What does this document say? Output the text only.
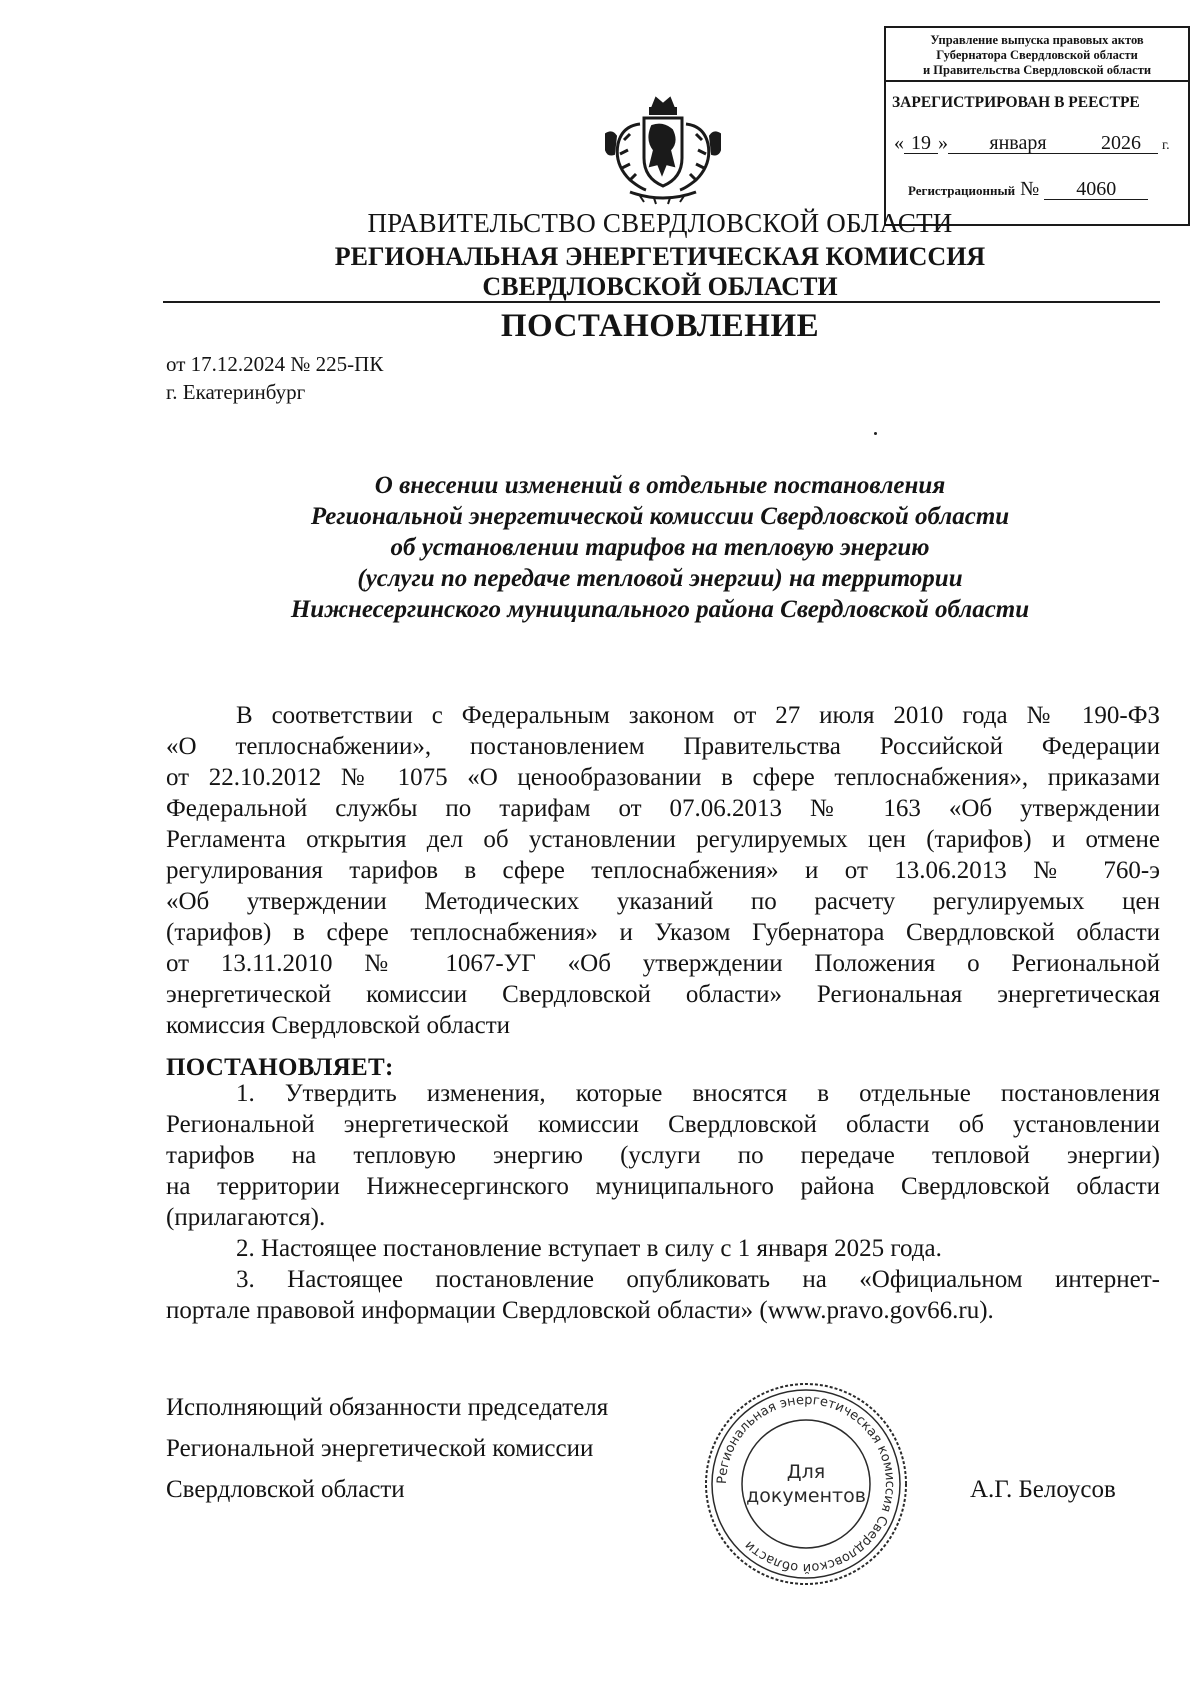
Управление выпуска правовых актов
Губернатора Свердловской области
и Правительства Свердловской области
ЗАРЕГИСТРИРОВАН В РЕЕСТРЕ
« 19 » января	2026 г.
Регистрационный № 4060
ПРАВИТЕЛЬСТВО СВЕРДЛОВСКОЙ ОБЛАСТИ
РЕГИОНАЛЬНАЯ ЭНЕРГЕТИЧЕСКАЯ КОМИССИЯ
СВЕРДЛОВСКОЙ ОБЛАСТИ
ПОСТАНОВЛЕНИЕ
от 17.12.2024 № 225-ПК
г. Екатеринбург
О внесении изменений в отдельные постановления
Региональной энергетической комиссии Свердловской области
об установлении тарифов на тепловую энергию
(услуги по передаче тепловой энергии) на территории
Нижнесергинского муниципального района Свердловской области
В соответствии с Федеральным законом от 27 июля 2010 года № 190-ФЗ
«О теплоснабжении», постановлением Правительства Российской Федерации
от 22.10.2012 № 1075 «О ценообразовании в сфере теплоснабжения», приказами
Федеральной службы по тарифам от 07.06.2013 № 163 «Об утверждении
Регламента открытия дел об установлении регулируемых цен (тарифов) и отмене
регулирования тарифов в сфере теплоснабжения» и от 13.06.2013 № 760-э
«Об утверждении Методических указаний по расчету регулируемых цен
(тарифов) в сфере теплоснабжения» и Указом Губернатора Свердловской области
от 13.11.2010 № 1067-УГ «Об утверждении Положения о Региональной
энергетической комиссии Свердловской области» Региональная энергетическая
комиссия Свердловской области
ПОСТАНОВЛЯЕТ:
1. Утвердить изменения, которые вносятся в отдельные постановления
Региональной энергетической комиссии Свердловской области об установлении
тарифов на тепловую энергию (услуги по передаче тепловой энергии)
на территории Нижнесергинского муниципального района Свердловской области
(прилагаются).
2. Настоящее постановление вступает в силу с 1 января 2025 года.
3. Настоящее постановление опубликовать на «Официальном интернет-
портале правовой информации Свердловской области» (www.pravo.gov66.ru).
Исполняющий обязанности председателя
Региональной энергетической комиссии
Свердловской области	А.Г. Белоусов
Региональная энергетическая комиссия Свердловской области
Для
документов
